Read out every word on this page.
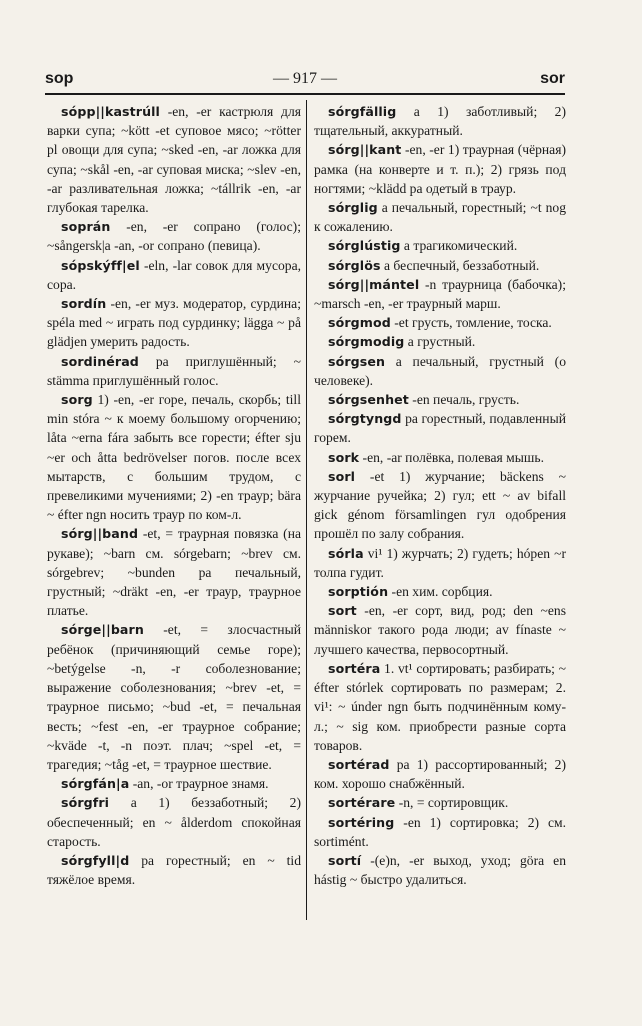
sop	— 917 —	sor

sópp||kastrúll -en, -er кастрюля для варки супа; ~kött -et суповое мясо; ~rötter pl овощи для супа; ~sked -en, -ar ложка для супа; ~skål -en, -ar суповая миска; ~slev -en, -ar разливательная ложка; ~tállrik -en, -ar глубокая тарелка.

soprán -en, -er сопрано (голос); ~sångersk|a -an, -or сопрано (певица).

sópskýff|el -eln, -lar совок для мусора, сора.

sordín -en, -er муз. модератор, сурдина; spéla med ~ играть под сурдинку; lägga ~ på glädjen умерить радость.

sordinérad pa приглушённый; ~ stämma приглушённый голос.

sorg 1) -en, -er горе, печаль, скорбь; till min stóra ~ к моему большому огорчению; låta ~erna fára забыть все горести; éfter sju ~er och åtta bedrövelser погов. после всех мытарств, с большим трудом, с превеликими мучениями; 2) -en траур; bära ~ éfter ngn носить траур по ком-л.

sórg||band -et, = траурная повязка (на рукаве); ~barn см. sórgebarn; ~brev см. sórgebrev; ~bunden pa печальный, грустный; ~dräkt -en, -er траур, траурное платье.

sórge||barn -et, = злосчастный ребёнок (причиняющий семье горе); ~betýgelse -n, -r соболезнование; выражение соболезнования; ~brev -et, = траурное письмо; ~bud -et, = печальная весть; ~fest -en, -er траурное собрание; ~kväde -t, -n поэт. плач; ~spel -et, = трагедия; ~tåg -et, = траурное шествие.

sórgfán|a -an, -or траурное знамя.

sórgfri a 1) беззаботный; 2) обеспеченный; en ~ ålderdom спокойная старость.

sórgfyll|d pa горестный; en ~ tid тяжёлое время.

sórgfällig a 1) заботливый; 2) тщательный, аккуратный.

sórg||kant -en, -er 1) траурная (чёрная) рамка (на конверте и т. п.); 2) грязь под ногтями; ~klädd pa одетый в траур.

sórglig a печальный, горестный; ~t nog к сожалению.

sórglústig a трагикомический.

sórglös a беспечный, беззаботный.

sórg||mántel -n траурница (бабочка); ~marsch -en, -er траурный марш.

sórgmod -et грусть, томление, тоска.

sórgmodig a грустный.

sórgsen a печальный, грустный (о человеке).

sórgsenhet -en печаль, грусть.

sórgtyngd pa горестный, подавленный горем.

sork -en, -ar полёвка, полевая мышь.

sorl -et 1) журчание; bäckens ~ журчание ручейка; 2) гул; ett ~ av bifall gick génom församlingen гул одобрения прошёл по залу собрания.

sórla vi¹ 1) журчать; 2) гудеть; hópen ~r толпа гудит.

sorptión -en хим. сорбция.

sort -en, -er сорт, вид, род; den ~ens människor такого рода люди; av fínaste ~ лучшего качества, первосортный.

sortéra 1. vt¹ сортировать; разбирать; ~ éfter stórlek сортировать по размерам; 2. vi¹: ~ únder ngn быть подчинённым кому-л.; ~ sig ком. приобрести разные сорта товаров.

sortérad pa 1) рассортированный; 2) ком. хорошо снабжённый.

sortérare -n, = сортировщик.

sortéring -en 1) сортировка; 2) см. sortimént.

sortí -(e)n, -er выход, уход; göra en hástig ~ быстро удалиться.
